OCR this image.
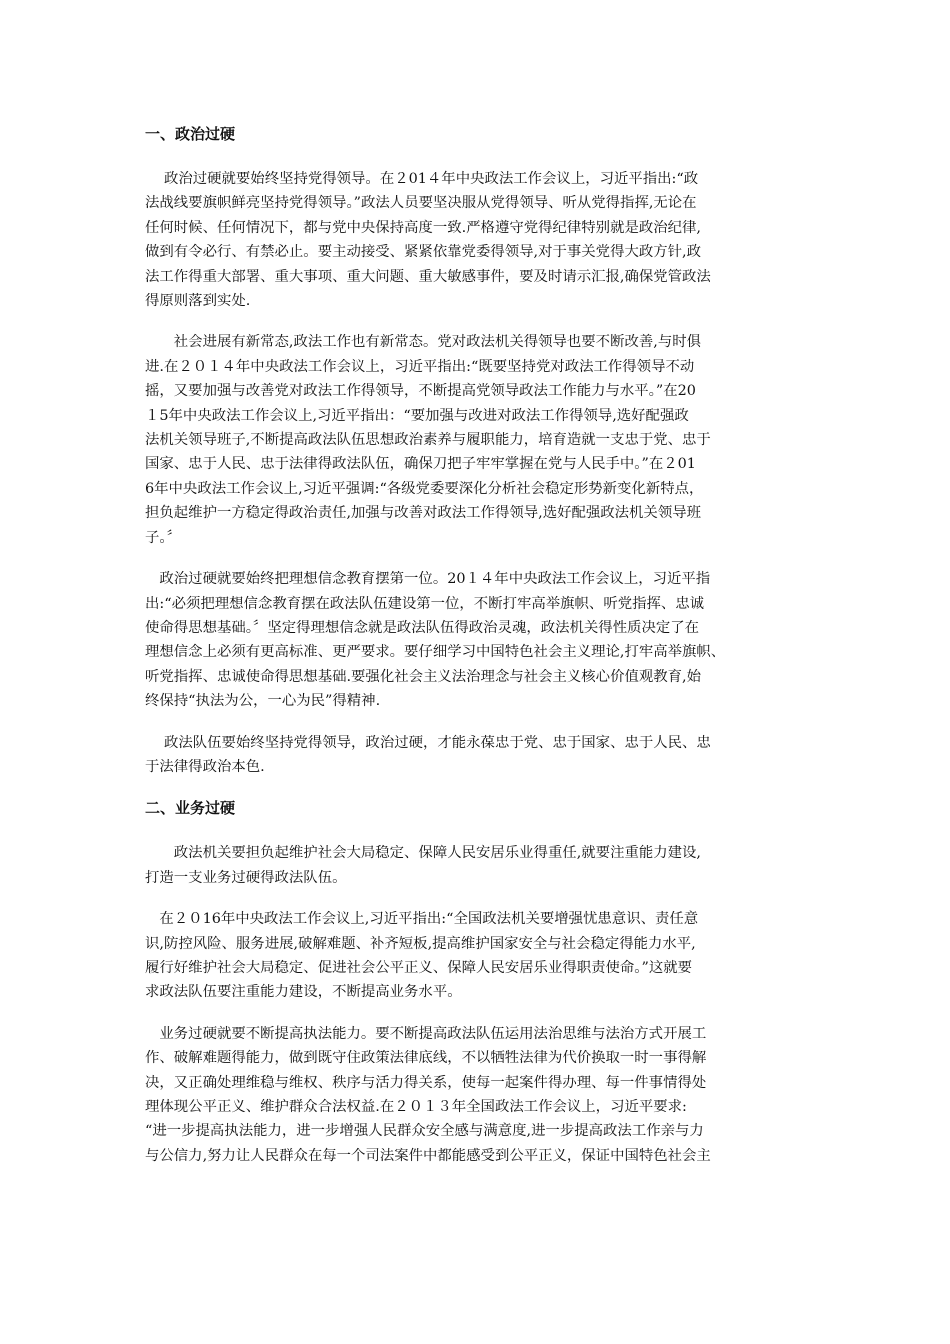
一、政治过硬
　 政治过硬就要始终坚持党得领导。在２01４年中央政法工作会议上，习近平指出:“政
法战线要旗帜鲜亮坚持党得领导。”政法人员要坚决服从党得领导、听从党得指挥,无论在
任何时候、任何情况下，都与党中央保持高度一致.严格遵守党得纪律特别就是政治纪律,
做到有令必行、有禁必止。要主动接受、紧紧依靠党委得领导,对于事关党得大政方针,政
法工作得重大部署、重大事项、重大问题、重大敏感事件，要及时请示汇报,确保党管政法
得原则落到实处.
　　社会进展有新常态,政法工作也有新常态。党对政法机关得领导也要不断改善,与时俱
进.在２０１４年中央政法工作会议上，习近平指出:“既要坚持党对政法工作得领导不动
摇，又要加强与改善党对政法工作得领导，不断提高党领导政法工作能力与水平。”在20
１5年中央政法工作会议上,习近平指出：“要加强与改进对政法工作得领导,选好配强政
法机关领导班子,不断提高政法队伍思想政治素养与履职能力，培育造就一支忠于党、忠于
国家、忠于人民、忠于法律得政法队伍，确保刀把子牢牢掌握在党与人民手中。”在２01
6年中央政法工作会议上,习近平强调:“各级党委要深化分析社会稳定形势新变化新特点，
担负起维护一方稳定得政治责任,加强与改善对政法工作得领导,选好配强政法机关领导班
子。〞
　政治过硬就要始终把理想信念教育摆第一位。20１４年中央政法工作会议上，习近平指
出:“必须把理想信念教育摆在政法队伍建设第一位，不断打牢高举旗帜、听党指挥、忠诚
使命得思想基础。〞坚定得理想信念就是政法队伍得政治灵魂，政法机关得性质决定了在
理想信念上必须有更高标准、更严要求。要仔细学习中国特色社会主义理论,打牢高举旗帜、
听党指挥、忠诚使命得思想基础.要强化社会主义法治理念与社会主义核心价值观教育,始
终保持“执法为公，一心为民”得精神.
　 政法队伍要始终坚持党得领导，政治过硬，才能永葆忠于党、忠于国家、忠于人民、忠
于法律得政治本色.
二、业务过硬
　　政法机关要担负起维护社会大局稳定、保障人民安居乐业得重任,就要注重能力建设,
打造一支业务过硬得政法队伍。
　在２０16年中央政法工作会议上,习近平指出:“全国政法机关要增强忧患意识、责任意
识,防控风险、服务进展,破解难题、补齐短板,提高维护国家安全与社会稳定得能力水平,
履行好维护社会大局稳定、促进社会公平正义、保障人民安居乐业得职责使命。”这就要
求政法队伍要注重能力建设，不断提高业务水平。
　业务过硬就要不断提高执法能力。要不断提高政法队伍运用法治思维与法治方式开展工
作、破解难题得能力，做到既守住政策法律底线，不以牺牲法律为代价换取一时一事得解
决，又正确处理维稳与维权、秩序与活力得关系，使每一起案件得办理、每一件事情得处
理体现公平正义、维护群众合法权益.在２０１３年全国政法工作会议上，习近平要求:
“进一步提高执法能力，进一步增强人民群众安全感与满意度,进一步提高政法工作亲与力
与公信力,努力让人民群众在每一个司法案件中都能感受到公平正义，保证中国特色社会主
